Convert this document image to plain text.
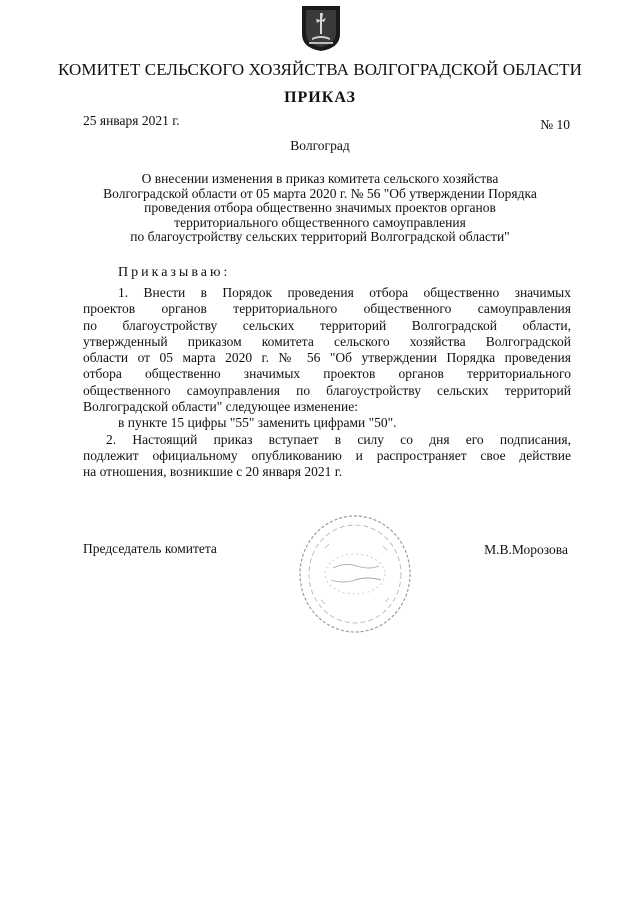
КОМИТЕТ СЕЛЬСКОГО ХОЗЯЙСТВА ВОЛГОГРАДСКОЙ ОБЛАСТИ
ПРИКАЗ
25 января 2021 г.	№ 10
Волгоград
О внесении изменения в приказ комитета сельского хозяйства
Волгоградской области от 05 марта 2020 г. № 56 "Об утверждении Порядка
проведения отбора общественно значимых проектов органов
территориального общественного самоуправления
по благоустройству сельских территорий Волгоградской области"
Приказываю:
1. Внести в Порядок проведения отбора общественно значимых
проектов органов территориального общественного самоуправления
по благоустройству сельских территорий Волгоградской области,
утвержденный приказом комитета сельского хозяйства Волгоградской
области от 05 марта 2020 г. № 56 "Об утверждении Порядка проведения
отбора общественно значимых проектов органов территориального
общественного самоуправления по благоустройству сельских территорий
Волгоградской области" следующее изменение:
в пункте 15 цифры "55" заменить цифрами "50".
2. Настоящий приказ вступает в силу со дня его подписания,
подлежит официальному опубликованию и распространяет свое действие
на отношения, возникшие с 20 января 2021 г.
Председатель комитета	М.В.Морозова
